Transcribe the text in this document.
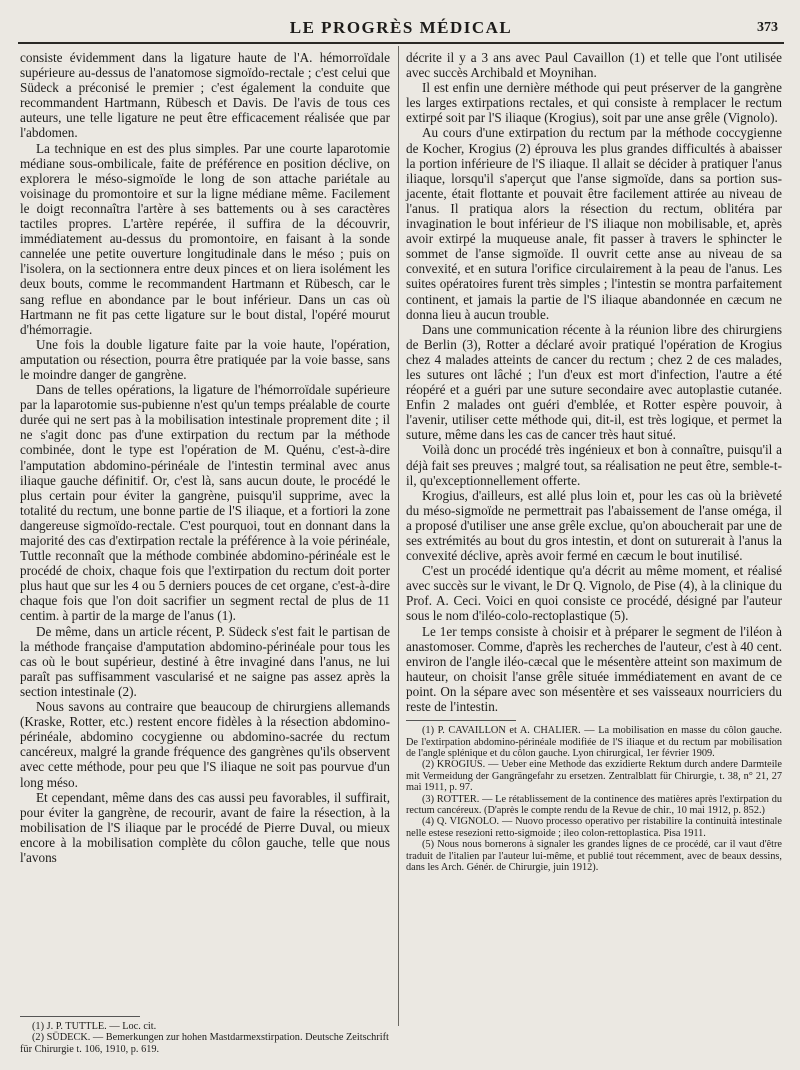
LE PROGRÈS MÉDICAL	373

consiste évidemment dans la ligature haute de l'A. hémorroïdale supérieure au-dessus de l'anatomose sigmoïdo-rectale ; c'est celui que Südeck a préconisé le premier ; c'est également la conduite que recommandent Hartmann, Rübesch et Davis. De l'avis de tous ces auteurs, une telle ligature ne peut être efficacement réalisée que par l'abdomen.

La technique en est des plus simples. Par une courte laparotomie médiane sous-ombilicale, faite de préférence en position déclive, on explorera le méso-sigmoïde le long de son attache pariétale au voisinage du promontoire et sur la ligne médiane même. Facilement le doigt reconnaîtra l'artère à ses battements ou à ses caractères tactiles propres. L'artère repérée, il suffira de la découvrir, immédiatement au-dessus du promontoire, en faisant à la sonde cannelée une petite ouverture longitudinale dans le méso ; puis on l'isolera, on la sectionnera entre deux pinces et on liera isolément les deux bouts, comme le recommandent Hartmann et Rübesch, car le sang reflue en abondance par le bout inférieur. Dans un cas où Hartmann ne fit pas cette ligature sur le bout distal, l'opéré mourut d'hémorragie.

Une fois la double ligature faite par la voie haute, l'opération, amputation ou résection, pourra être pratiquée par la voie basse, sans le moindre danger de gangrène.

Dans de telles opérations, la ligature de l'hémorroïdale supérieure par la laparotomie sus-pubienne n'est qu'un temps préalable de courte durée qui ne sert pas à la mobilisation intestinale proprement dite ; il ne s'agit donc pas d'une extirpation du rectum par la méthode combinée, dont le type est l'opération de M. Quénu, c'est-à-dire l'amputation abdomino-périnéale de l'intestin terminal avec anus iliaque gauche définitif. Or, c'est là, sans aucun doute, le procédé le plus certain pour éviter la gangrène, puisqu'il supprime, avec la totalité du rectum, une bonne partie de l'S iliaque, et a fortiori la zone dangereuse sigmoïdo-rectale. C'est pourquoi, tout en donnant dans la majorité des cas d'extirpation rectale la préférence à la voie périnéale, Tuttle reconnaît que la méthode combinée abdomino-périnéale est le procédé de choix, chaque fois que l'extirpation du rectum doit porter plus haut que sur les 4 ou 5 derniers pouces de cet organe, c'est-à-dire chaque fois que l'on doit sacrifier un segment rectal de plus de 11 centim. à partir de la marge de l'anus (1).

De même, dans un article récent, P. Südeck s'est fait le partisan de la méthode française d'amputation abdomino-périnéale pour tous les cas où le bout supérieur, destiné à être invaginé dans l'anus, ne lui paraît pas suffisamment vascularisé et ne saigne pas assez après la section intestinale (2).

Nous savons au contraire que beaucoup de chirurgiens allemands (Kraske, Rotter, etc.) restent encore fidèles à la résection abdomino-périnéale, abdomino cocygienne ou abdomino-sacrée du rectum cancéreux, malgré la grande fréquence des gangrènes qu'ils observent avec cette méthode, pour peu que l'S iliaque ne soit pas pourvue d'un long méso.

Et cependant, même dans des cas aussi peu favorables, il suffirait, pour éviter la gangrène, de recourir, avant de faire la résection, à la mobilisation de l'S iliaque par le procédé de Pierre Duval, ou mieux encore à la mobilisation complète du côlon gauche, telle que nous l'avons

(1) J. P. TUTTLE. — Loc. cit.

(2) SÜDECK. — Bemerkungen zur hohen Mastdarmexstirpation. Deutsche Zeitschrift für Chirurgie t. 106, 1910, p. 619.

décrite il y a 3 ans avec Paul Cavaillon (1) et telle que l'ont utilisée avec succès Archibald et Moynihan.

Il est enfin une dernière méthode qui peut préserver de la gangrène les larges extirpations rectales, et qui consiste à remplacer le rectum extirpé soit par l'S iliaque (Krogius), soit par une anse grêle (Vignolo).

Au cours d'une extirpation du rectum par la méthode coccygienne de Kocher, Krogius (2) éprouva les plus grandes difficultés à abaisser la portion inférieure de l'S iliaque. Il allait se décider à pratiquer l'anus iliaque, lorsqu'il s'aperçut que l'anse sigmoïde, dans sa portion sus-jacente, était flottante et pouvait être facilement attirée au niveau de l'anus. Il pratiqua alors la résection du rectum, oblitéra par invagination le bout inférieur de l'S iliaque non mobilisable, et, après avoir extirpé la muqueuse anale, fit passer à travers le sphincter le sommet de l'anse sigmoïde. Il ouvrit cette anse au niveau de sa convexité, et en sutura l'orifice circulairement à la peau de l'anus. Les suites opératoires furent très simples ; l'intestin se montra parfaitement continent, et jamais la partie de l'S iliaque abandonnée en cæcum ne donna lieu à aucun trouble.

Dans une communication récente à la réunion libre des chirurgiens de Berlin (3), Rotter a déclaré avoir pratiqué l'opération de Krogius chez 4 malades atteints de cancer du rectum ; chez 2 de ces malades, les sutures ont lâché ; l'un d'eux est mort d'infection, l'autre a été réopéré et a guéri par une suture secondaire avec autoplastie cutanée. Enfin 2 malades ont guéri d'emblée, et Rotter espère pouvoir, à l'avenir, utiliser cette méthode qui, dit-il, est très logique, et permet la suture, même dans les cas de cancer très haut situé.

Voilà donc un procédé très ingénieux et bon à connaître, puisqu'il a déjà fait ses preuves ; malgré tout, sa réalisation ne peut être, semble-t-il, qu'exceptionnellement offerte.

Krogius, d'ailleurs, est allé plus loin et, pour les cas où la brièveté du méso-sigmoïde ne permettrait pas l'abaissement de l'anse oméga, il a proposé d'utiliser une anse grêle exclue, qu'on aboucherait par une de ses extrémités au bout du gros intestin, et dont on suturerait à l'anus la convexité déclive, après avoir fermé en cæcum le bout inutilisé.

C'est un procédé identique qu'a décrit au même moment, et réalisé avec succès sur le vivant, le Dr Q. Vignolo, de Pise (4), à la clinique du Prof. A. Ceci. Voici en quoi consiste ce procédé, désigné par l'auteur sous le nom d'iléo-colo-rectoplastique (5).

Le 1er temps consiste à choisir et à préparer le segment de l'iléon à anastomoser. Comme, d'après les recherches de l'auteur, c'est à 40 cent. environ de l'angle iléo-cæcal que le mésentère atteint son maximum de hauteur, on choisit l'anse grêle située immédiatement en avant de ce point. On la sépare avec son mésentère et ses vaisseaux nourriciers du reste de l'intestin.

(1) P. CAVAILLON et A. CHALIER. — La mobilisation en masse du côlon gauche. De l'extirpation abdomino-périnéale modifiée de l'S iliaque et du rectum par mobilisation de l'angle splénique et du côlon gauche. Lyon chirurgical, 1er février 1909.

(2) KROGIUS. — Ueber eine Methode das exzidierte Rektum durch andere Darmteile mit Vermeidung der Gangrängefahr zu ersetzen. Zentralblatt für Chirurgie, t. 38, n° 21, 27 mai 1911, p. 97.

(3) ROTTER. — Le rétablissement de la continence des matières après l'extirpation du rectum cancéreux. (D'après le compte rendu de la Revue de chir., 10 mai 1912, p. 852.)

(4) Q. VIGNOLO. — Nuovo processo operativo per ristabilire la continuità intestinale nelle estese resezioni retto-sigmoide ; ileo colon-rettoplastica. Pisa 1911.

(5) Nous nous bornerons à signaler les grandes lignes de ce procédé, car il vaut d'être traduit de l'italien par l'auteur lui-même, et publié tout récemment, avec de beaux dessins, dans les Arch. Génér. de Chirurgie, juin 1912).
